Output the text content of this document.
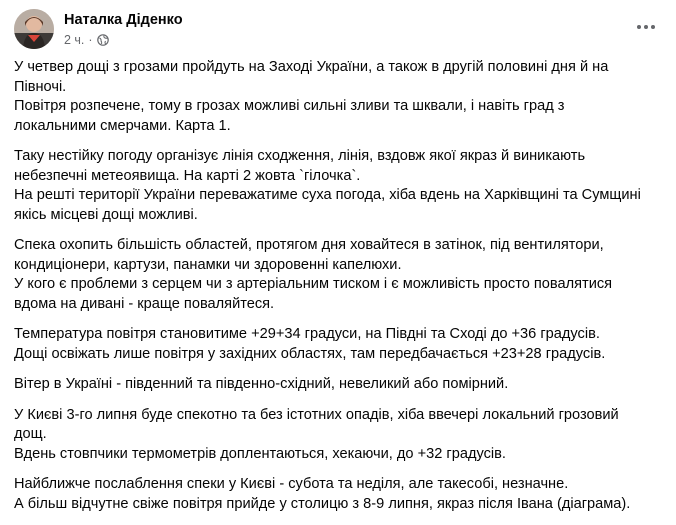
Наталка Діденко
2 ч. ·
У четвер дощі з грозами пройдуть на Заході України, а також в другій половині дня й на
Півночі.
Повітря розпечене, тому в грозах можливі сильні зливи та шквали, і навіть град з
локальними смерчами. Карта 1.
Таку нестійку погоду організує лінія сходження, лінія, вздовж якої якраз й виникають
небезпечні метеоявища. На карті 2 жовта `гілочка`.
На решті території України переважатиме суха погода, хіба вдень на Харківщині та Сумщині
якісь місцеві дощі можливі.
Спека охопить більшість областей, протягом дня ховайтеся в затінок, під вентилятори,
кондиціонери, картузи, панамки чи здоровенні капелюхи.
У кого є проблеми з серцем чи з артеріальним тиском і є можливість просто повалятися
вдома на дивані - краще поваляйтеся.
Температура повітря становитиме +29+34 градуси, на Півдні та Сході до +36 градусів.
Дощі освіжать лише повітря у західних областях, там передбачається +23+28 градусів.
Вітер в Україні - південний та південно-східний, невеликий або помірний.
У Києві 3-го липня буде спекотно та без істотних опадів, хіба ввечері локальний грозовий
дощ.
Вдень стовпчики термометрів доплентаються, хекаючи, до +32 градусів.
Найближче послаблення спеки у Києві - субота та неділя, але такесобі, незначне.
А більш відчутне свіже повітря прийде у столицю з 8-9 липня, якраз після Івана (діаграма).
